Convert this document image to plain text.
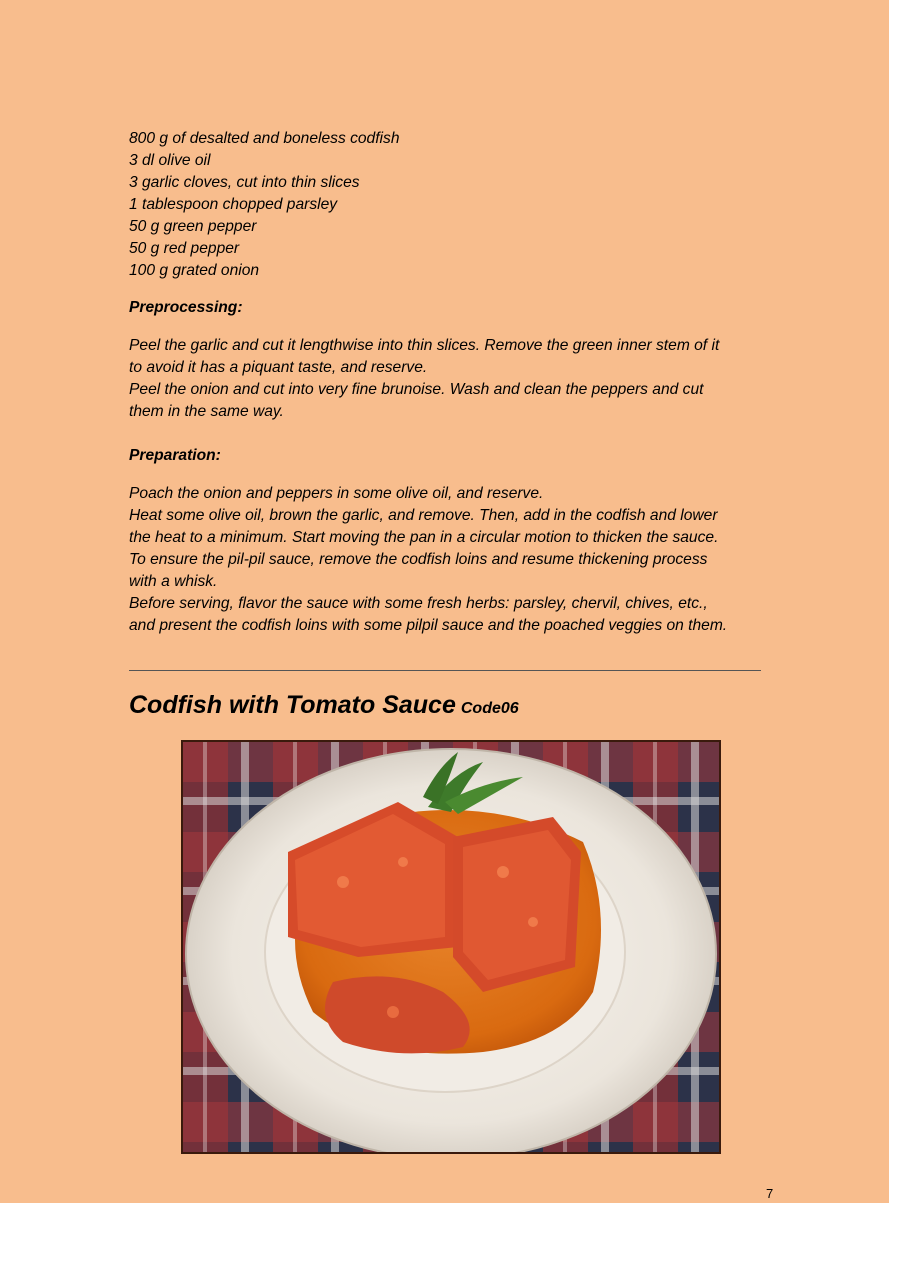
800 g of desalted and boneless codfish
3 dl olive oil
3 garlic cloves, cut into thin slices
1 tablespoon chopped parsley
50 g green pepper
50 g red pepper
100 g grated onion
Preprocessing:

Peel the garlic and cut it lengthwise into thin slices. Remove the green inner stem of it

to avoid it has a piquant taste, and reserve.

Peel the onion and cut into very fine brunoise. Wash and clean the peppers and cut

them in the same way.

Preparation:

Poach the onion and peppers in some olive oil, and reserve.

Heat some olive oil, brown the garlic, and remove. Then, add in the codfish and lower

the heat to a minimum. Start moving the pan in a circular motion to thicken the sauce.

To ensure the pil-pil sauce, remove the codfish loins and resume thickening process

with a whisk.

Before serving, flavor the sauce with some fresh herbs: parsley, chervil, chives, etc.,

and present the codfish loins with some pilpil sauce and the poached veggies on them.

Codfish with Tomato Sauce Code06
7
